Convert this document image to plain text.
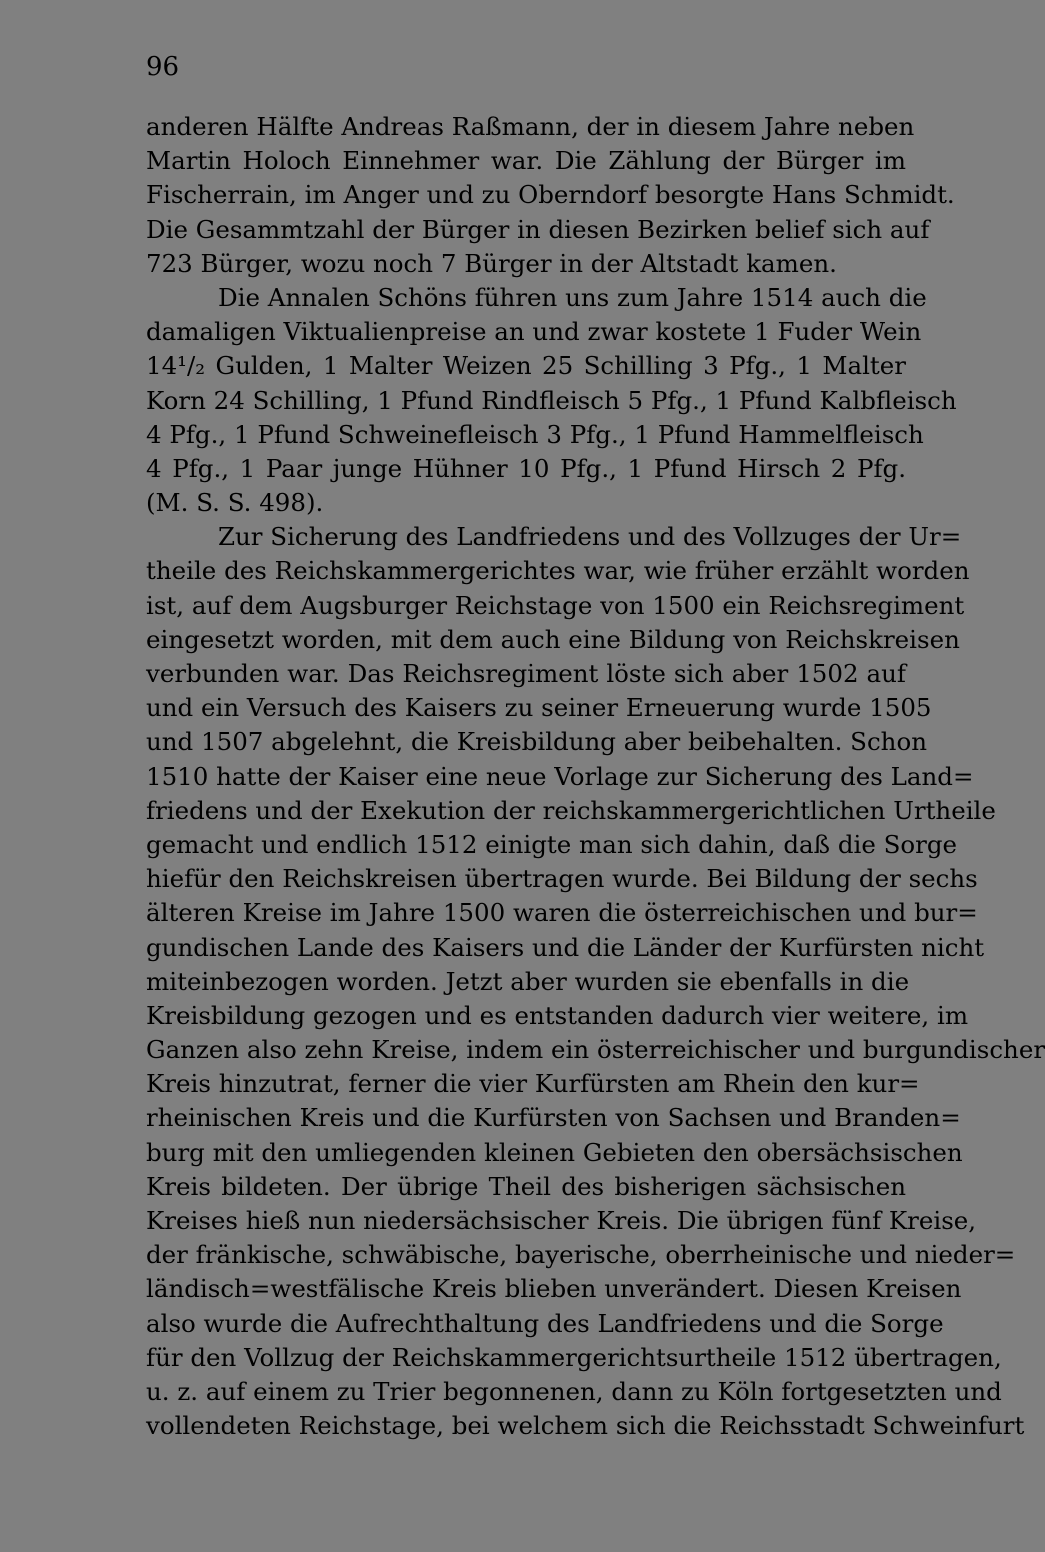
96

anderen Hälfte Andreas Raßmann, der in diesem Jahre neben
Martin Holoch Einnehmer war. Die Zählung der Bürger im
Fischerrain, im Anger und zu Oberndorf besorgte Hans Schmidt.
Die Gesammtzahl der Bürger in diesen Bezirken belief sich auf
723 Bürger, wozu noch 7 Bürger in der Altstadt kamen.
Die Annalen Schöns führen uns zum Jahre 1514 auch die
damaligen Viktualienpreise an und zwar kostete 1 Fuder Wein
14¹/₂ Gulden, 1 Malter Weizen 25 Schilling 3 Pfg., 1 Malter
Korn 24 Schilling, 1 Pfund Rindfleisch 5 Pfg., 1 Pfund Kalbfleisch
4 Pfg., 1 Pfund Schweinefleisch 3 Pfg., 1 Pfund Hammelfleisch
4 Pfg., 1 Paar junge Hühner 10 Pfg., 1 Pfund Hirsch 2 Pfg.
(M. S. S. 498).
Zur Sicherung des Landfriedens und des Vollzuges der Ur=
theile des Reichskammergerichtes war, wie früher erzählt worden
ist, auf dem Augsburger Reichstage von 1500 ein Reichsregiment
eingesetzt worden, mit dem auch eine Bildung von Reichskreisen
verbunden war. Das Reichsregiment löste sich aber 1502 auf
und ein Versuch des Kaisers zu seiner Erneuerung wurde 1505
und 1507 abgelehnt, die Kreisbildung aber beibehalten. Schon
1510 hatte der Kaiser eine neue Vorlage zur Sicherung des Land=
friedens und der Exekution der reichskammergerichtlichen Urtheile
gemacht und endlich 1512 einigte man sich dahin, daß die Sorge
hiefür den Reichskreisen übertragen wurde. Bei Bildung der sechs
älteren Kreise im Jahre 1500 waren die österreichischen und bur=
gundischen Lande des Kaisers und die Länder der Kurfürsten nicht
miteinbezogen worden. Jetzt aber wurden sie ebenfalls in die
Kreisbildung gezogen und es entstanden dadurch vier weitere, im
Ganzen also zehn Kreise, indem ein österreichischer und burgundischer
Kreis hinzutrat, ferner die vier Kurfürsten am Rhein den kur=
rheinischen Kreis und die Kurfürsten von Sachsen und Branden=
burg mit den umliegenden kleinen Gebieten den obersächsischen
Kreis bildeten. Der übrige Theil des bisherigen sächsischen
Kreises hieß nun niedersächsischer Kreis. Die übrigen fünf Kreise,
der fränkische, schwäbische, bayerische, oberrheinische und nieder=
ländisch=westfälische Kreis blieben unverändert. Diesen Kreisen
also wurde die Aufrechthaltung des Landfriedens und die Sorge
für den Vollzug der Reichskammergerichtsurtheile 1512 übertragen,
u. z. auf einem zu Trier begonnenen, dann zu Köln fortgesetzten und
vollendeten Reichstage, bei welchem sich die Reichsstadt Schweinfurt
